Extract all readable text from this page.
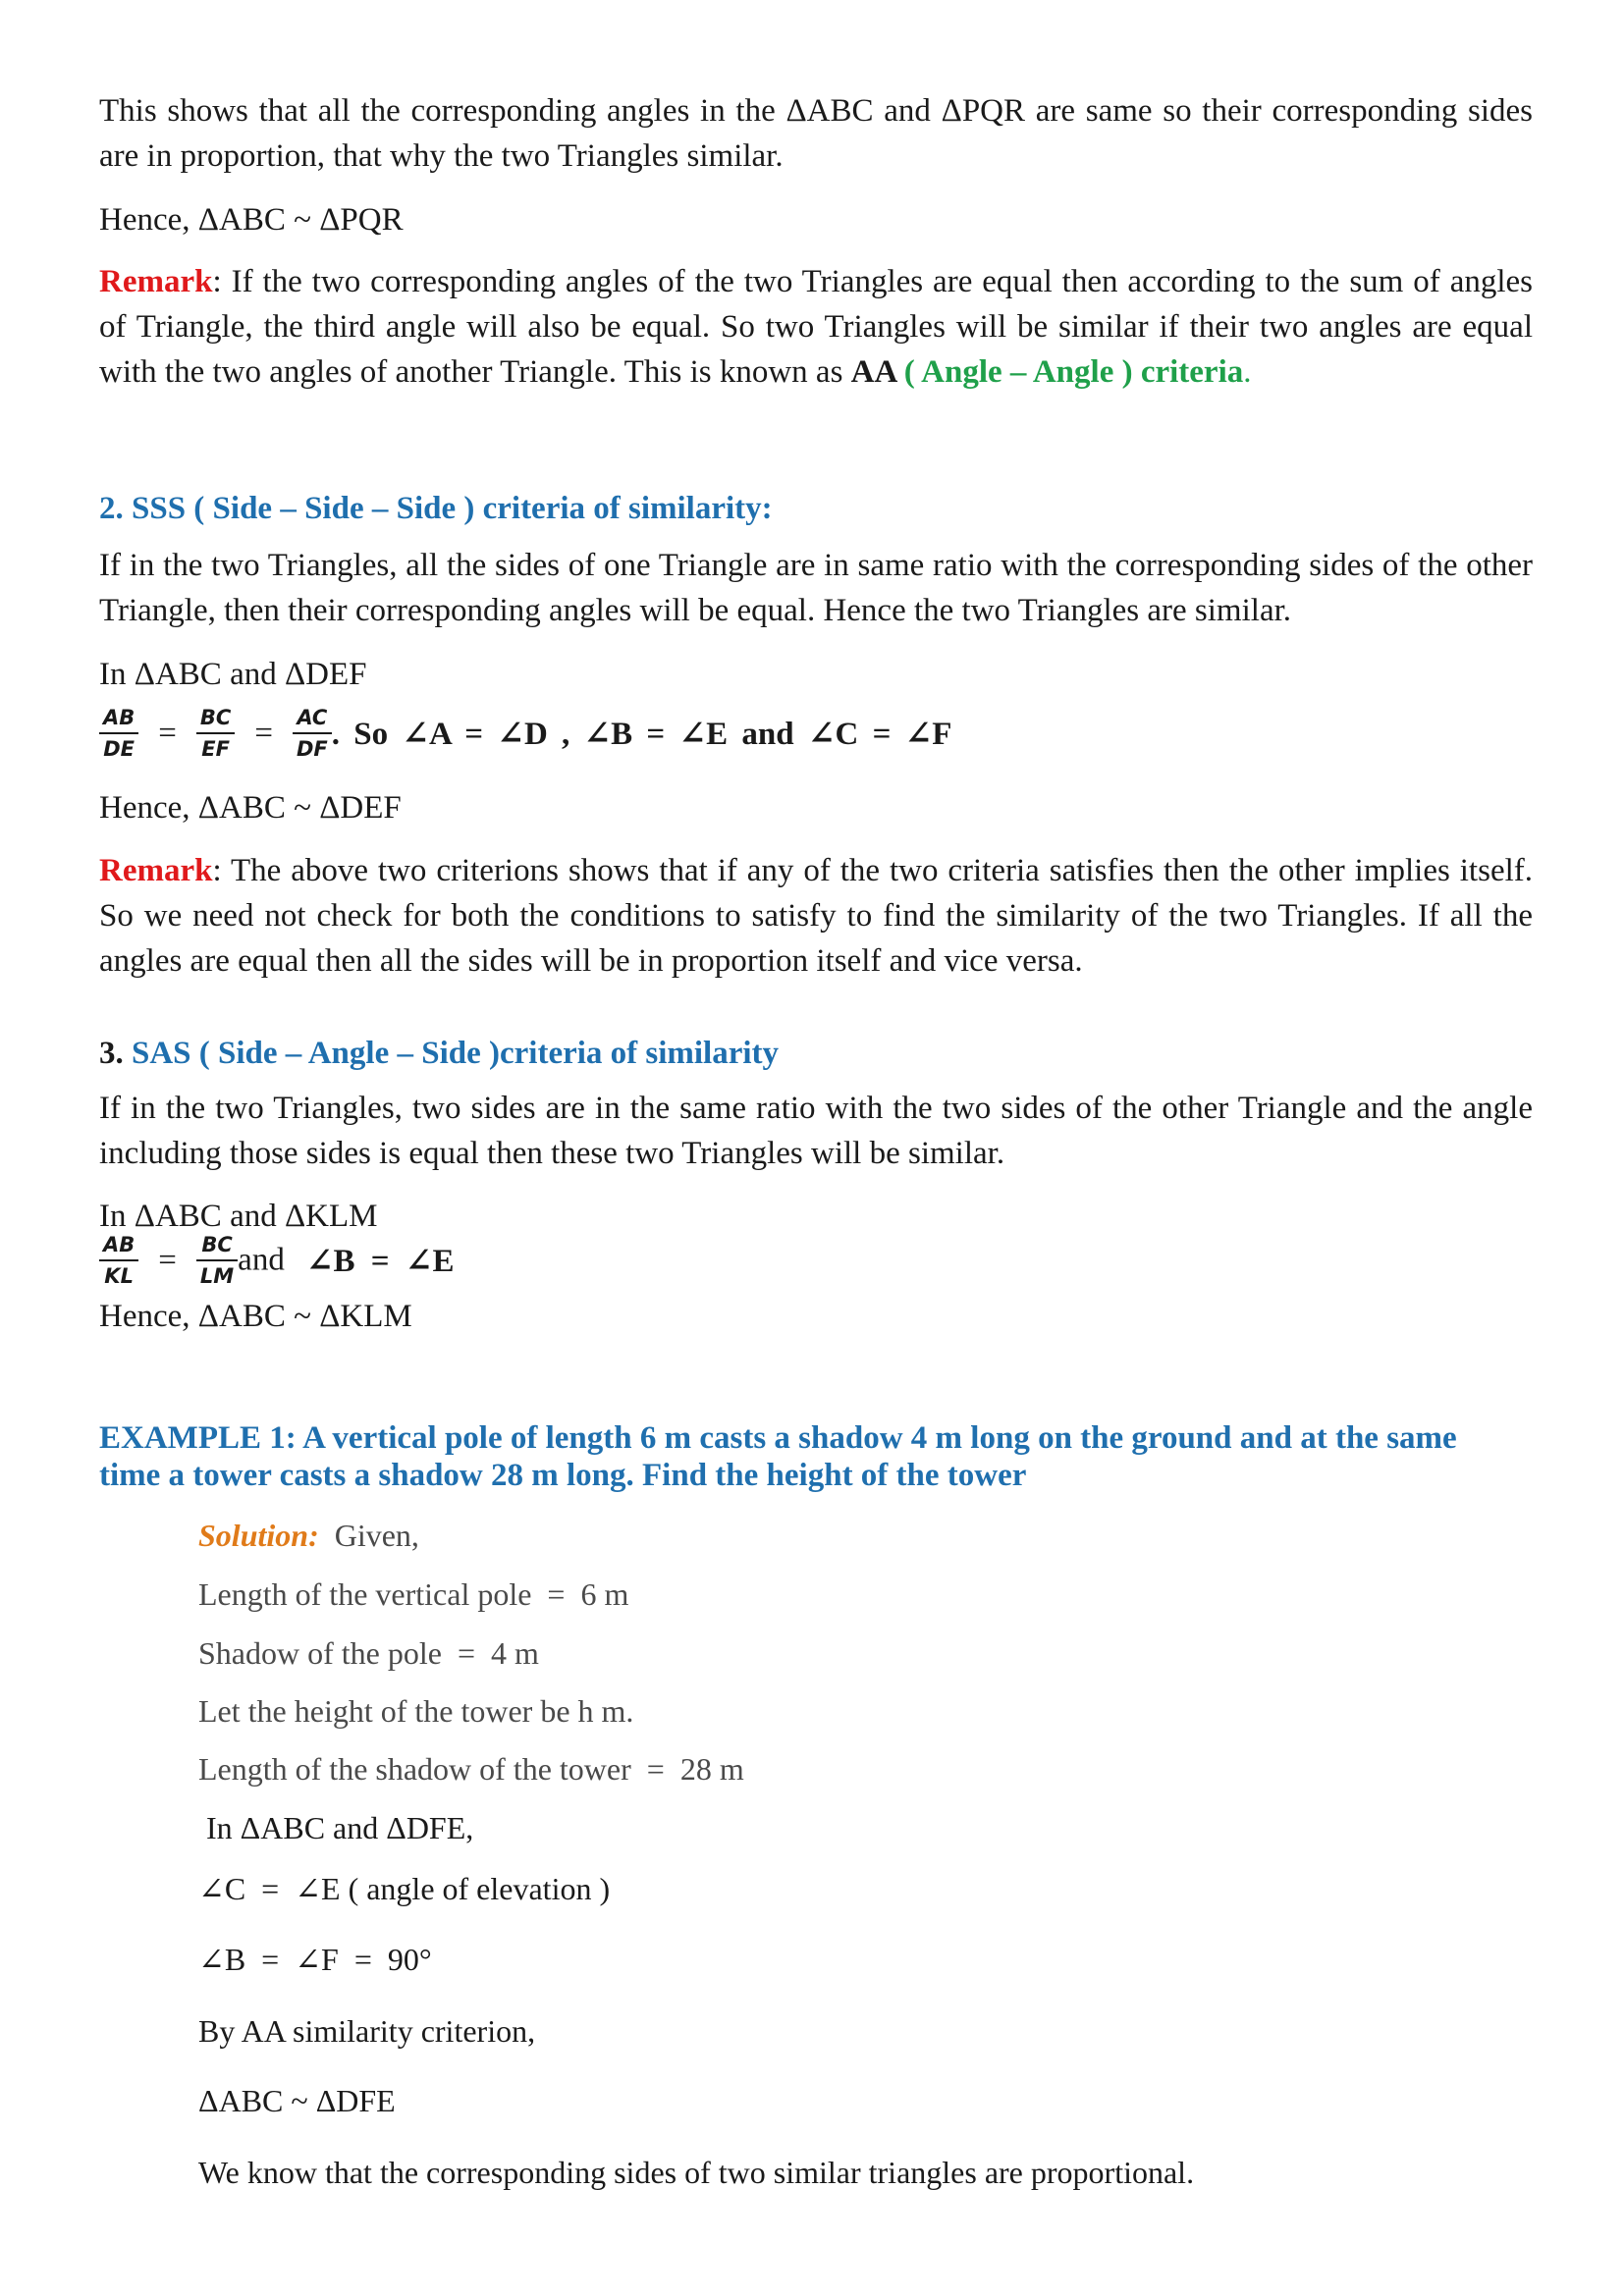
This shows that all the corresponding angles in the ΔABC and ΔPQR are same so their corresponding sides are in proportion, that why the two Triangles similar.
Hence, ΔABC ~ ΔPQR
Remark: If the two corresponding angles of the two Triangles are equal then according to the sum of angles of Triangle, the third angle will also be equal. So two Triangles will be similar if their two angles are equal with the two angles of another Triangle. This is known as AA ( Angle – Angle ) criteria.
2. SSS ( Side – Side – Side ) criteria of similarity:
If in the two Triangles, all the sides of one Triangle are in same ratio with the corresponding sides of the other Triangle, then their corresponding angles will be equal. Hence the two Triangles are similar.
In ΔABC and ΔDEF
$\frac{AB}{DE} = \frac{BC}{EF} = \frac{AC}{DF}$ . So ∠A = ∠D , ∠B = ∠E and ∠C = ∠F
Hence, ΔABC ~ ΔDEF
Remark: The above two criterions shows that if any of the two criteria satisfies then the other implies itself. So we need not check for both the conditions to satisfy to find the similarity of the two Triangles. If all the angles are equal then all the sides will be in proportion itself and vice versa.
3. SAS ( Side – Angle – Side )criteria of similarity
If in the two Triangles, two sides are in the same ratio with the two sides of the other Triangle and the angle including those sides is equal then these two Triangles will be similar.
In ΔABC and ΔKLM
$\frac{AB}{KL} = \frac{BC}{LM}$ and ∠B = ∠E
Hence, ΔABC ~ ΔKLM
EXAMPLE 1: A vertical pole of length 6 m casts a shadow 4 m long on the ground and at the same
time a tower casts a shadow 28 m long. Find the height of the tower
Solution:  Given,
Length of the vertical pole  =  6 m
Shadow of the pole  =  4 m
Let the height of the tower be h m.
Length of the shadow of the tower  =  28 m
In ΔABC and ΔDFE,
∠C  =  ∠E ( angle of elevation )
∠B  =  ∠F  =  90°
By AA similarity criterion,
ΔABC ~ ΔDFE
We know that the corresponding sides of two similar triangles are proportional.
